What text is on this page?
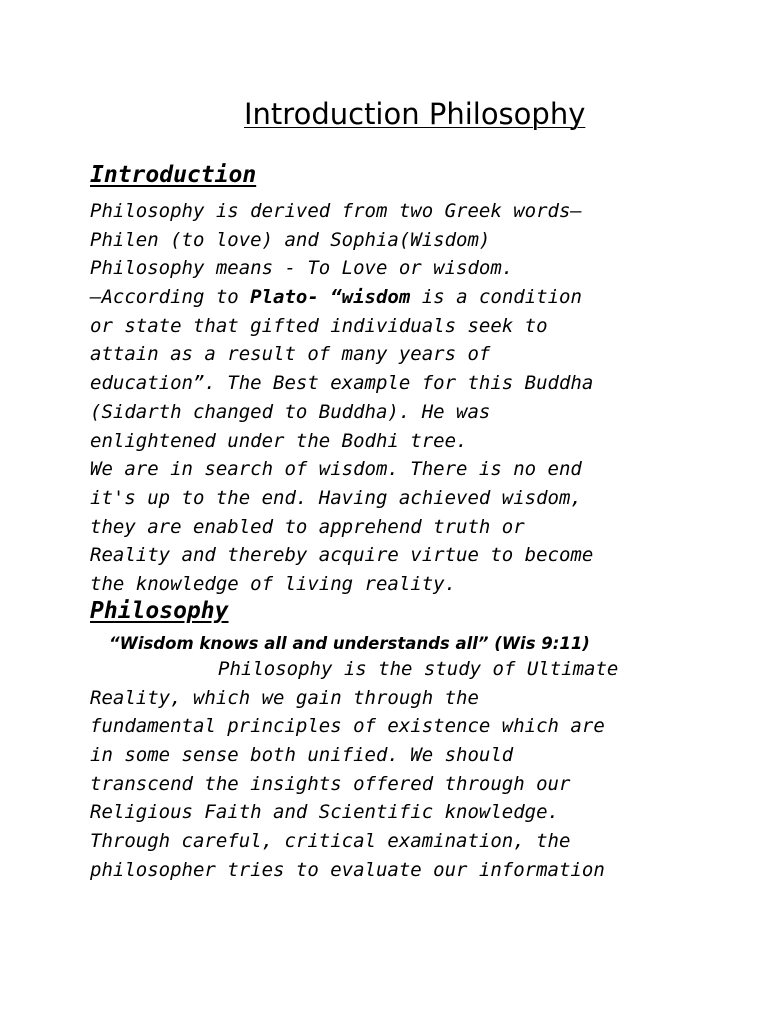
Introduction Philosophy
Introduction
Philosophy is derived from two Greek words—
Philen (to love) and Sophia(Wisdom)
Philosophy means - To Love or wisdom.
—According to Plato- “wisdom is a condition
or state that gifted individuals seek to
attain as a result of many years of
education”. The Best example for this Buddha
(Sidarth changed to Buddha). He was
enlightened under the Bodhi tree.
We are in search of wisdom. There is no end
it's up to the end. Having achieved wisdom,
they are enabled to apprehend truth or
Reality and thereby acquire virtue to become
the knowledge of living reality.
Philosophy

“Wisdom knows all and understands all” (Wis 9:11)

Philosophy is the study of Ultimate
Reality, which we gain through the
fundamental principles of existence which are
in some sense both unified. We should
transcend the insights offered through our
Religious Faith and Scientific knowledge.
Through careful, critical examination, the
philosopher tries to evaluate our information
